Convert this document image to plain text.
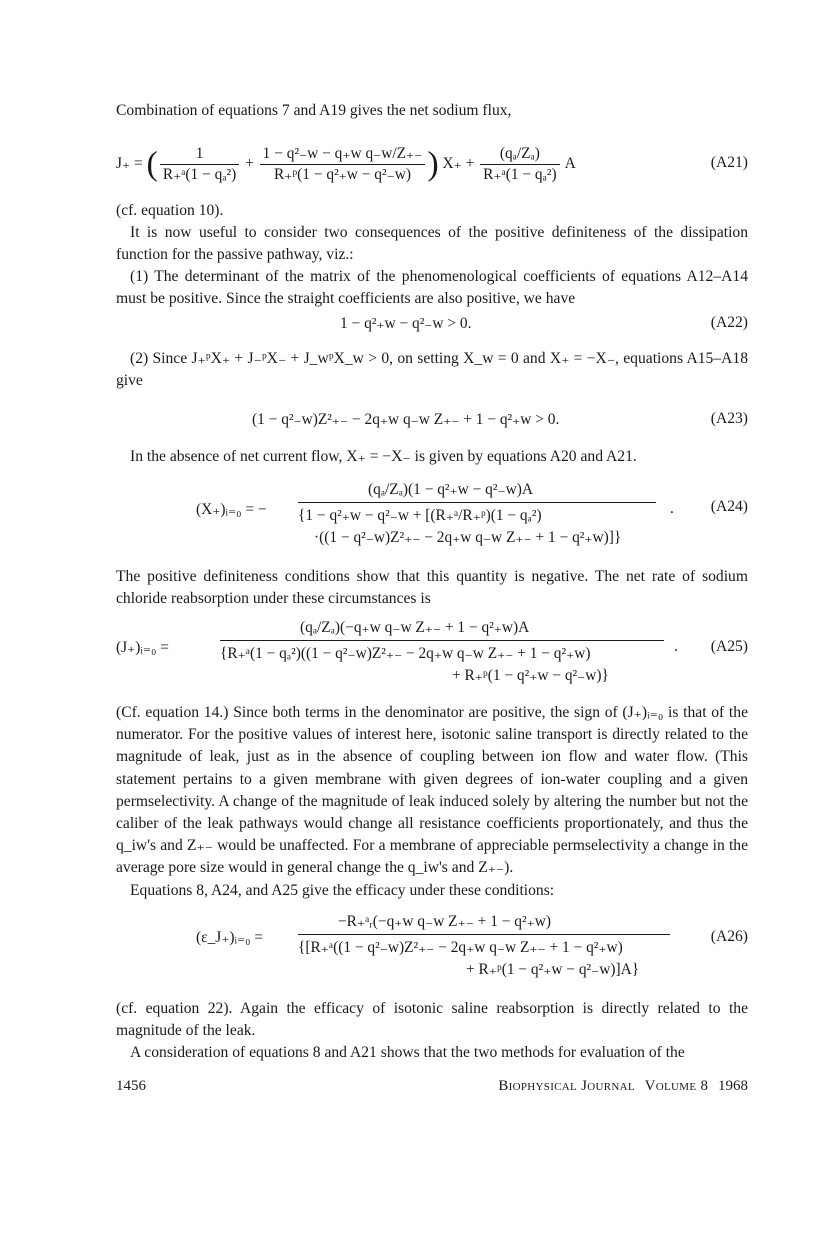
Combination of equations 7 and A19 gives the net sodium flux,

J₊ = ( $\frac{1}{\text{R₊ᵃ(1 − qₐ²)}} + \frac{\text{1 − q²₋w − q₊w q₋w/Z₊₋}}{\text{R₊ᵖ(1 − q²₊w − q²₋w)}}$ ) $X_+ + \frac{\text{(qₐ/Zₐ)}}{\text{R₊ᵃ(1 − qₐ²)}}$ A	(A21)

(cf. equation 10).

It is now useful to consider two consequences of the positive definiteness of the dissipation function for the passive pathway, viz.:

(1) The determinant of the matrix of the phenomenological coefficients of equations A12–A14 must be positive. Since the straight coefficients are also positive, we have

1 − q²₊w − q²₋w > 0.	(A22)

(2) Since J₊ᵖX₊ + J₋ᵖX₋ + J_wᵖX_w > 0, on setting X_w = 0 and X₊ = −X₋, equations A15–A18 give

(1 − q²₋w)Z²₊₋ − 2q₊w q₋w Z₊₋ + 1 − q²₊w > 0.	(A23)

In the absence of net current flow, X₊ = −X₋ is given by equations A20 and A21.

(X₊)ᵢ₌₀ = −
(qₐ/Zₐ)(1 − q²₊w − q²₋w)A
{1 − q²₊w − q²₋w + [(R₊ᵃ/R₊ᵖ)(1 − qₐ²)
·((1 − q²₋w)Z²₊₋ − 2q₊w q₋w Z₊₋ + 1 − q²₊w)]}
. (A24)

The positive definiteness conditions show that this quantity is negative. The net rate of sodium chloride reabsorption under these circumstances is

(J₊)ᵢ₌₀ =
(qₐ/Zₐ)(−q₊w q₋w Z₊₋ + 1 − q²₊w)A
{R₊ᵃ(1 − qₐ²)((1 − q²₋w)Z²₊₋ − 2q₊w q₋w Z₊₋ + 1 − q²₊w)
+ R₊ᵖ(1 − q²₊w − q²₋w)}
. (A25)

(Cf. equation 14.) Since both terms in the denominator are positive, the sign of (J₊)ᵢ₌₀ is that of the numerator. For the positive values of interest here, isotonic saline transport is directly related to the magnitude of leak, just as in the absence of coupling between ion flow and water flow. (This statement pertains to a given membrane with given degrees of ion-water coupling and a given permselectivity. A change of the magnitude of leak induced solely by altering the number but not the caliber of the leak pathways would change all resistance coefficients proportionately, and thus the q_iw's and Z₊₋ would be unaffected. For a membrane of appreciable permselectivity a change in the average pore size would in general change the q_iw's and Z₊₋).

Equations 8, A24, and A25 give the efficacy under these conditions:

(ε_J₊)ᵢ₌₀ =
−R₊ᵃᵣ(−q₊w q₋w Z₊₋ + 1 − q²₊w)
{[R₊ᵃ((1 − q²₋w)Z²₊₋ − 2q₊w q₋w Z₊₋ + 1 − q²₊w)
+ R₊ᵖ(1 − q²₊w − q²₋w)]A}
(A26)

(cf. equation 22). Again the efficacy of isotonic saline reabsorption is directly related to the magnitude of the leak.

A consideration of equations 8 and A21 shows that the two methods for evaluation of the

1456	Biophysical Journal Volume 8 1968
